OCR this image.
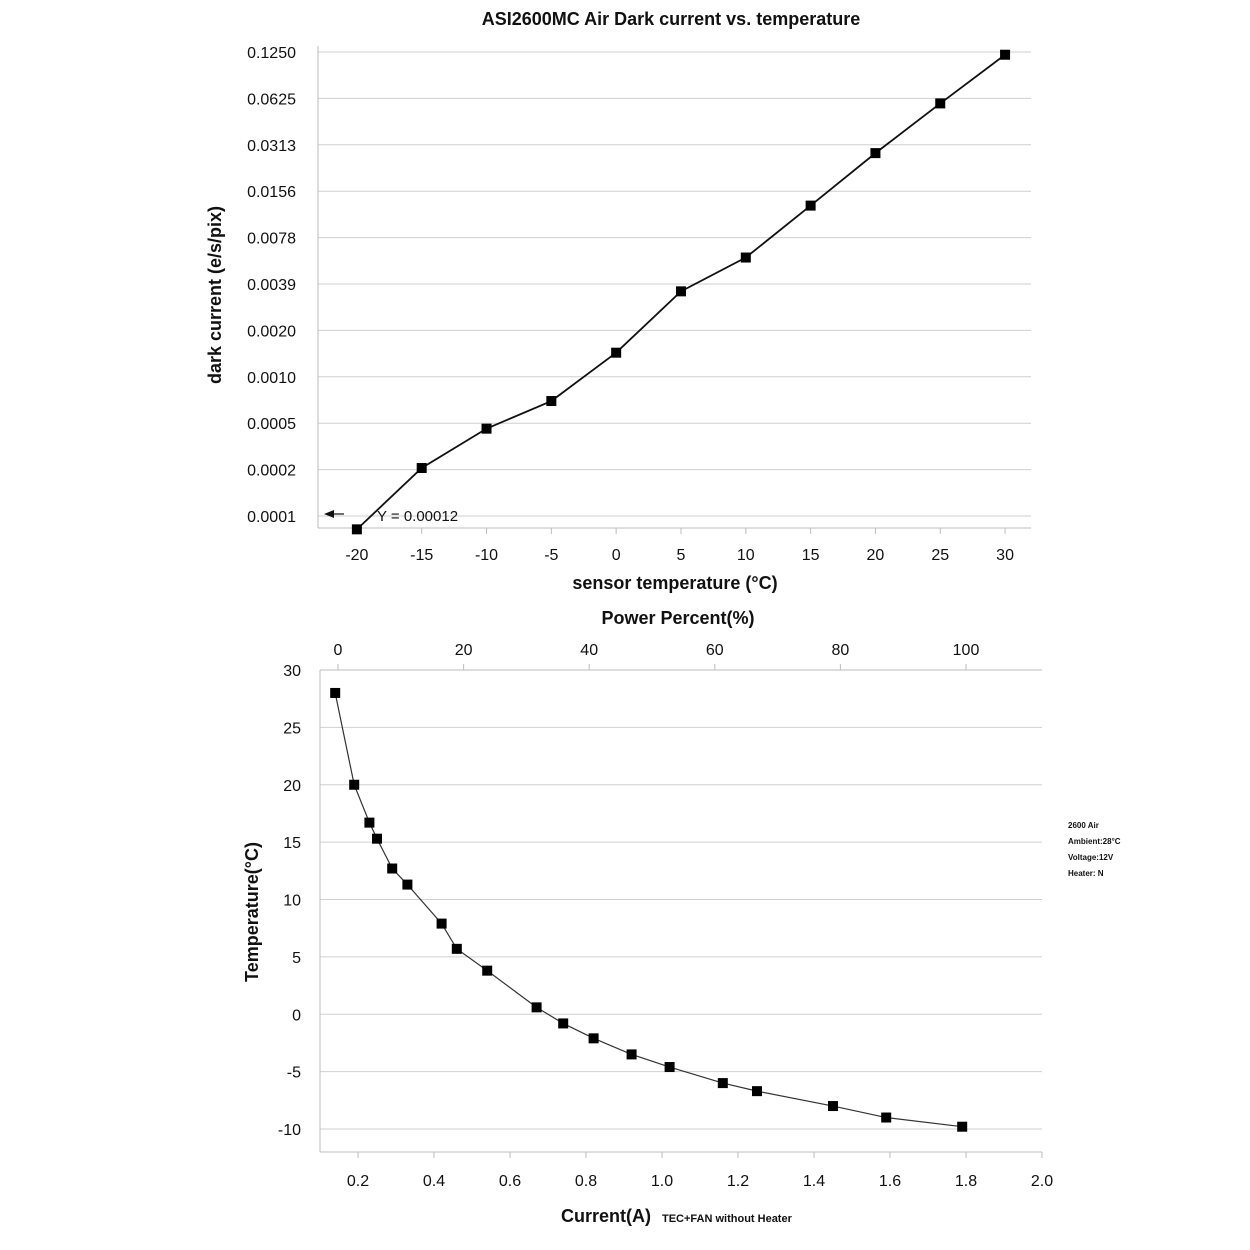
ASI2600MC Air Dark current vs. temperature
0.1250
0.0625
0.0313
0.0156
0.0078
0.0039
0.0020
0.0010
0.0005
0.0002
0.0001
-20	-15	-10	-5	0	5	10	15	20	25	30
Y = 0.00012
sensor temperature (°C)
dark current (e/s/pix)
Power Percent(%)
30
25
20
15
10
5
0
-5
-10
0.2	0.4	0.6	0.8	1.0	1.2	1.4	1.6	1.8	2.0
0	20	40	60	80	100
Temperature(°C)
Current(A) TEC+FAN without Heater
2600 Air
Ambient:28°C
Voltage:12V
Heater: N
